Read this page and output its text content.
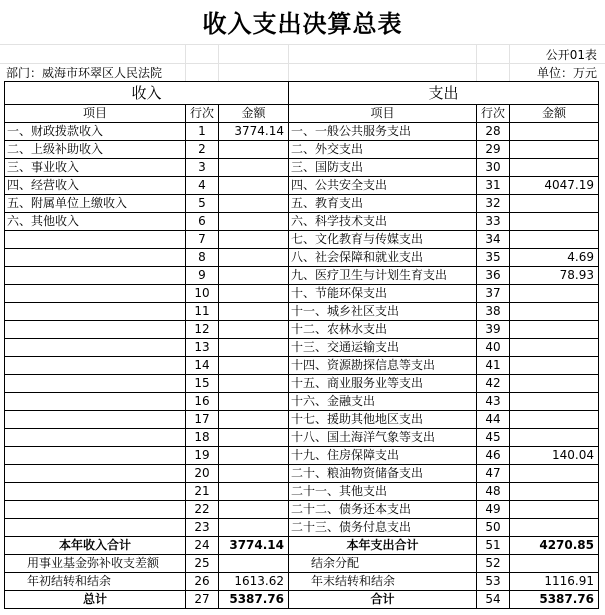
收入支出决算总表
公开01表
部门：威海市环翠区人民法院	单位：万元
收入			支出		
项目	行次	金额	项目	行次	金额
一、财政拨款收入	1	3774.14	一、一般公共服务支出	28	
二、上级补助收入	2		二、外交支出	29	
三、事业收入	3		三、国防支出	30	
四、经营收入	4		四、公共安全支出	31	4047.19
五、附属单位上缴收入	5		五、教育支出	32	
六、其他收入	6		六、科学技术支出	33	
	7		七、文化教育与传媒支出	34	
	8		八、社会保障和就业支出	35	4.69
	9		九、医疗卫生与计划生育支出	36	78.93
	10		十、节能环保支出	37	
	11		十一、城乡社区支出	38	
	12		十二、农林水支出	39	
	13		十三、交通运输支出	40	
	14		十四、资源勘探信息等支出	41	
	15		十五、商业服务业等支出	42	
	16		十六、金融支出	43	
	17		十七、援助其他地区支出	44	
	18		十八、国土海洋气象等支出	45	
	19		十九、住房保障支出	46	140.04
	20		二十、粮油物资储备支出	47	
	21		二十一、其他支出	48	
	22		二十二、债务还本支出	49	
	23		二十三、债务付息支出	50	
本年收入合计	24	3774.14	本年支出合计	51	4270.85
用事业基金弥补收支差额	25		结余分配	52	
年初结转和结余	26	1613.62	年末结转和结余	53	1116.91
总计	27	5387.76	合计	54	5387.76
